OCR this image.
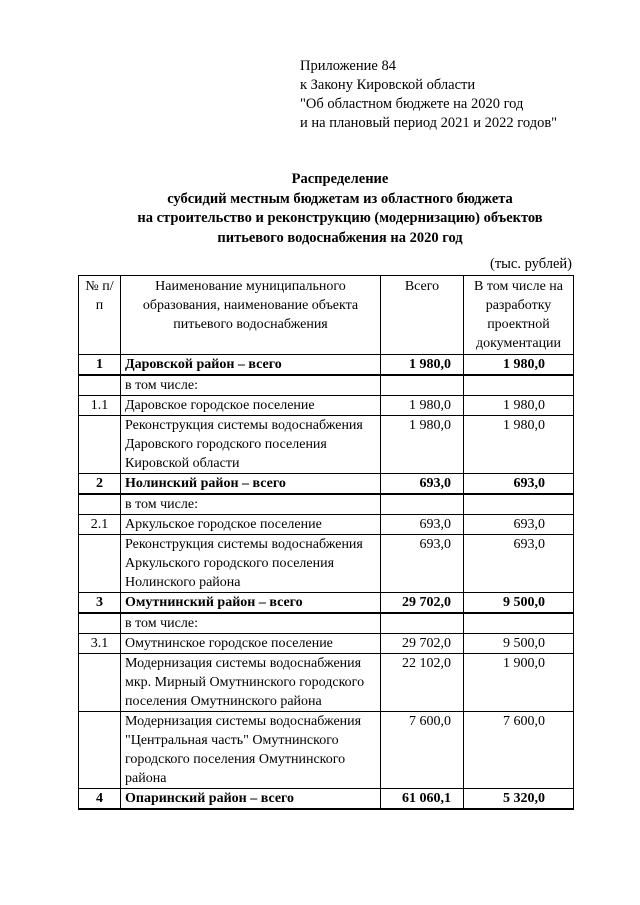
Приложение 84
к Закону Кировской области
"Об областном бюджете на 2020 год
и на плановый период 2021 и 2022 годов"
Распределение
субсидий местным бюджетам из областного бюджета
на строительство и реконструкцию (модернизацию) объектов
питьевого водоснабжения на 2020 год
(тыс. рублей)
№ п/п	Наименование муниципального образования, наименование объекта питьевого водоснабжения	Всего	В том числе на разработку проектной документации
1	Даровской район – всего	1 980,0	1 980,0
	в том числе:		
1.1	Даровское городское поселение	1 980,0	1 980,0
	Реконструкция системы водоснабжения Даровского городского поселения Кировской области	1 980,0	1 980,0
2	Нолинский район – всего	693,0	693,0
	в том числе:		
2.1	Аркульское городское поселение	693,0	693,0
	Реконструкция системы водоснабжения Аркульского городского поселения Нолинского района	693,0	693,0
3	Омутнинский район – всего	29 702,0	9 500,0
	в том числе:		
3.1	Омутнинское городское поселение	29 702,0	9 500,0
	Модернизация системы водоснабжения мкр. Мирный Омутнинского городского поселения Омутнинского района	22 102,0	1 900,0
	Модернизация системы водоснабжения "Центральная часть" Омутнинского городского поселения Омутнинского района	7 600,0	7 600,0
4	Опаринский район – всего	61 060,1	5 320,0
